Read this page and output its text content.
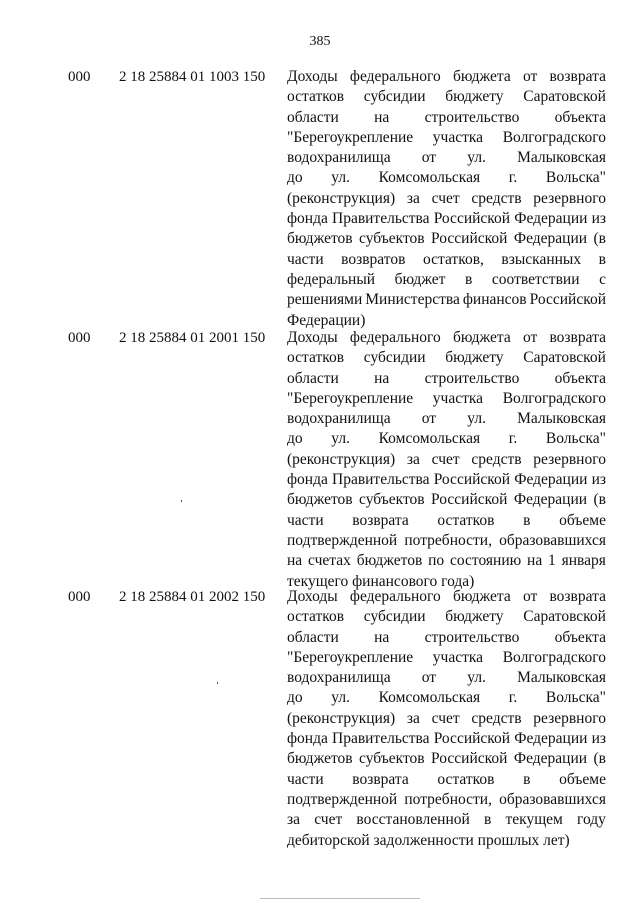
385
000 2 18 25884 01 1003 150 Доходы федерального бюджета от возврата
остатков субсидии бюджету Саратовской
области на строительство объекта
"Берегоукрепление участка Волгоградского
водохранилища от ул. Малыковская
до ул. Комсомольская г. Вольска"
(реконструкция) за счет средств резервного
фонда Правительства Российской Федерации из
бюджетов субъектов Российской Федерации (в
части возвратов остатков, взысканных в
федеральный бюджет в соответствии с
решениями Министерства финансов Российской
Федерации)
000 2 18 25884 01 2001 150 Доходы федерального бюджета от возврата
остатков субсидии бюджету Саратовской
области на строительство объекта
"Берегоукрепление участка Волгоградского
водохранилища от ул. Малыковская
до ул. Комсомольская г. Вольска"
(реконструкция) за счет средств резервного
фонда Правительства Российской Федерации из
бюджетов субъектов Российской Федерации (в
части возврата остатков в объеме
подтвержденной потребности, образовавшихся
на счетах бюджетов по состоянию на 1 января
текущего финансового года)
000 2 18 25884 01 2002 150 Доходы федерального бюджета от возврата
остатков субсидии бюджету Саратовской
области на строительство объекта
"Берегоукрепление участка Волгоградского
водохранилища от ул. Малыковская
до ул. Комсомольская г. Вольска"
(реконструкция) за счет средств резервного
фонда Правительства Российской Федерации из
бюджетов субъектов Российской Федерации (в
части возврата остатков в объеме
подтвержденной потребности, образовавшихся
за счет восстановленной в текущем году
дебиторской задолженности прошлых лет)
